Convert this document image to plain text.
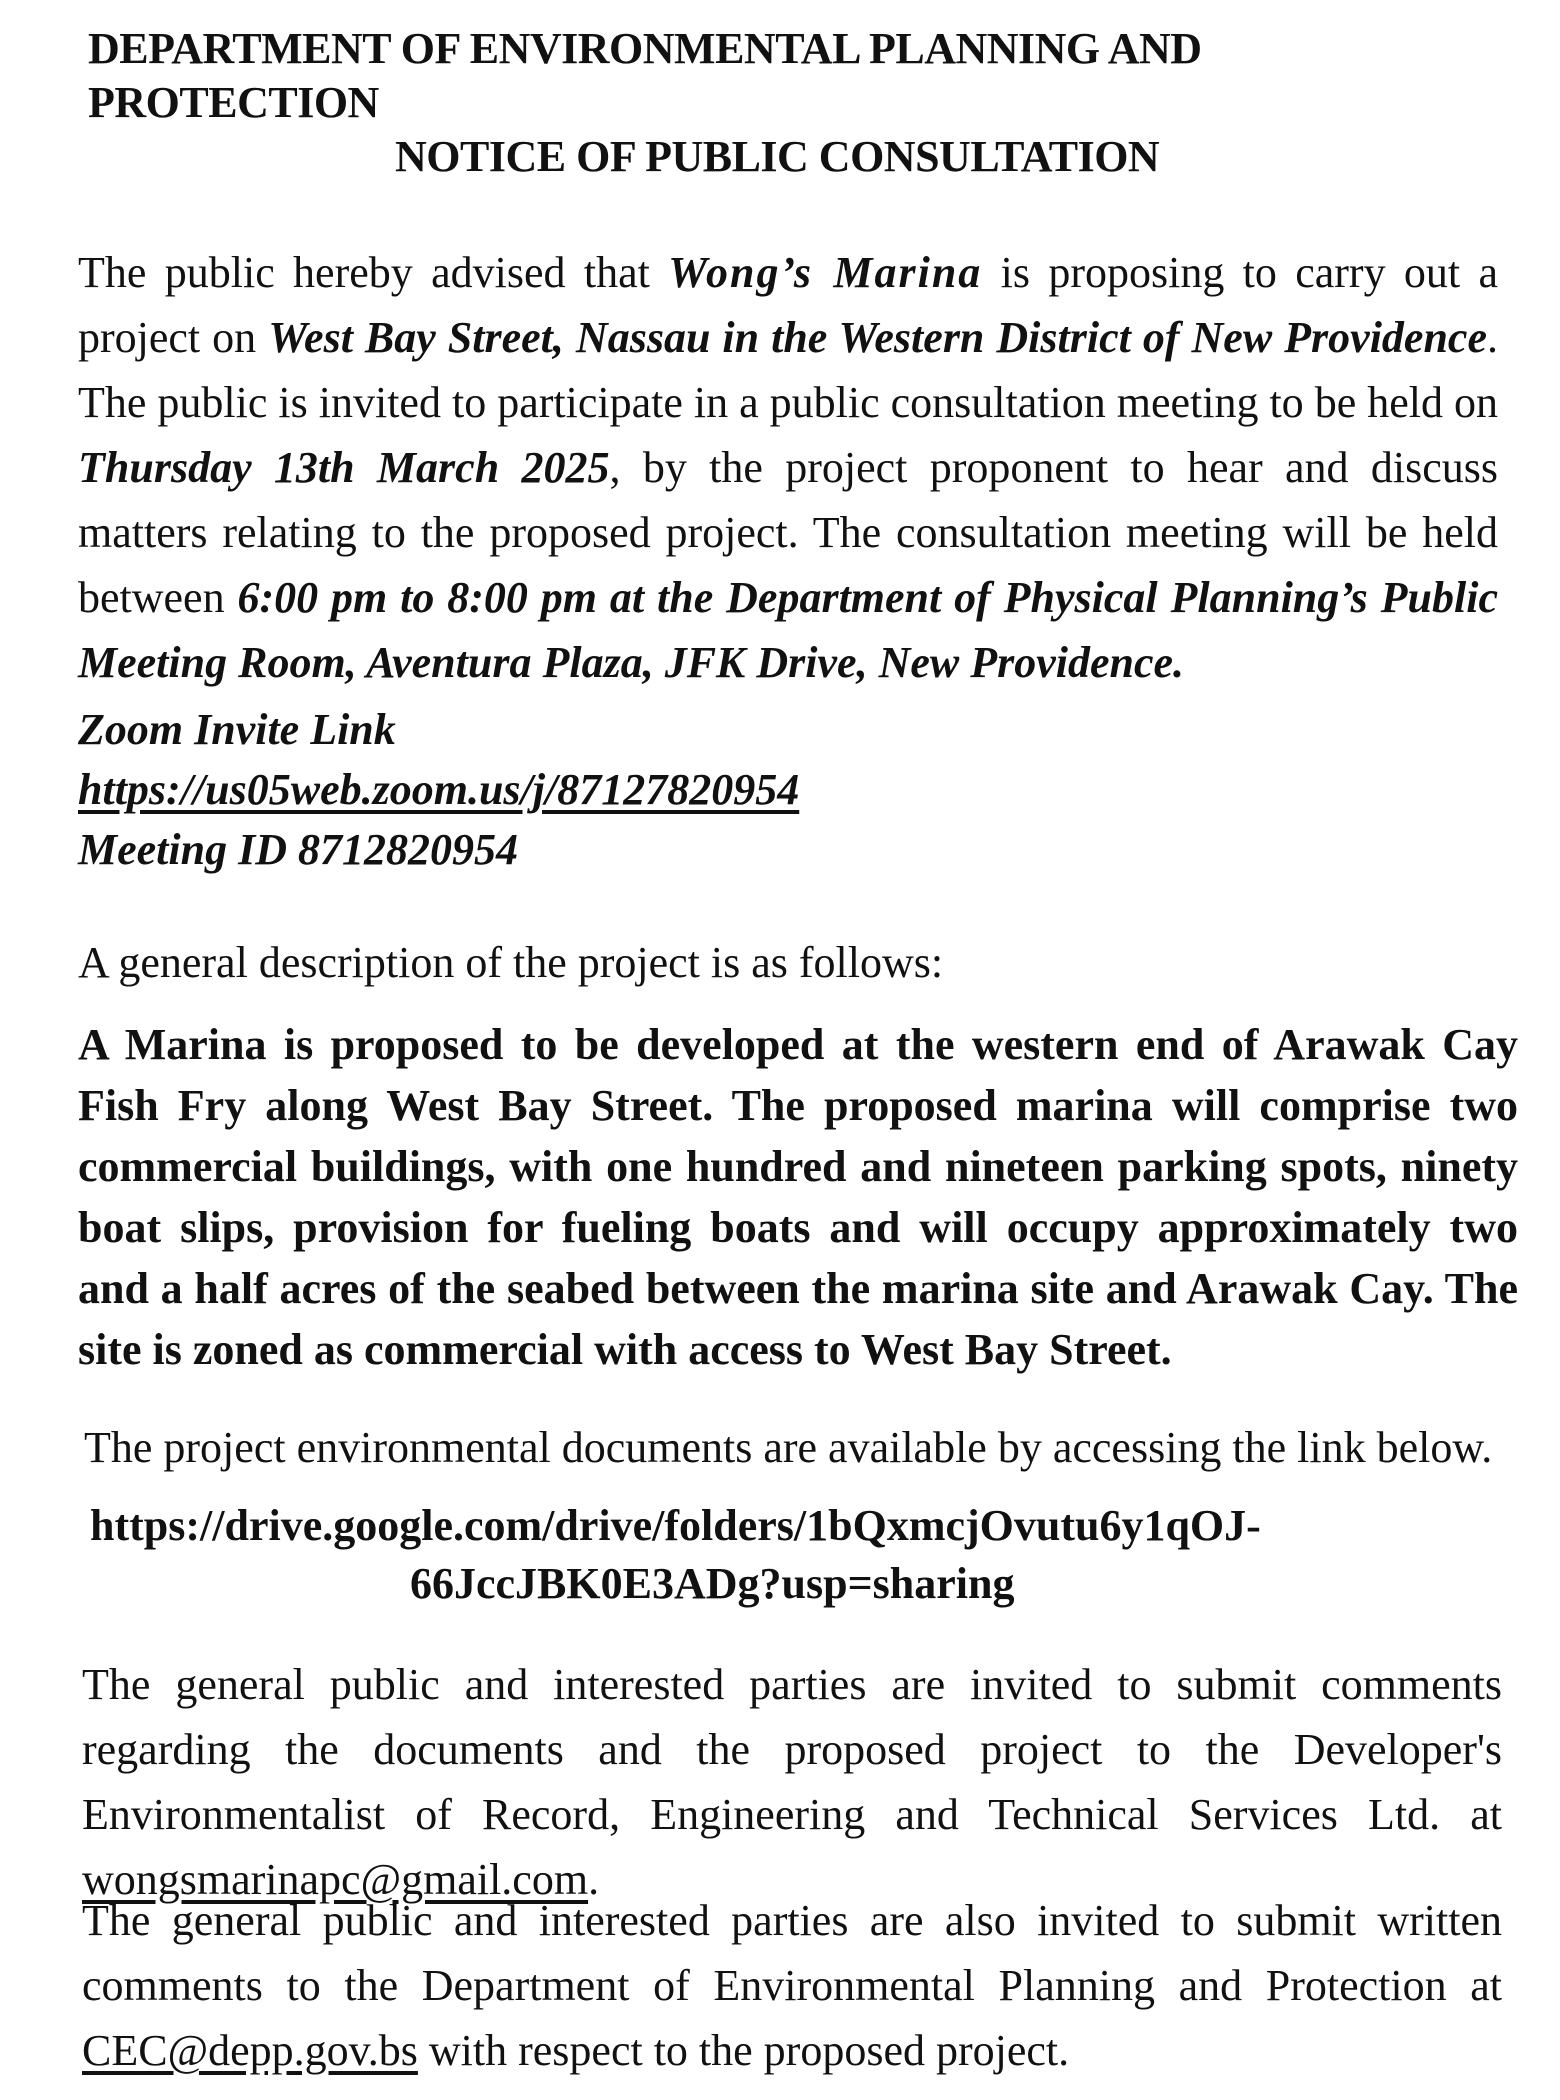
DEPARTMENT OF ENVIRONMENTAL PLANNING AND PROTECTION
NOTICE OF PUBLIC CONSULTATION
The public hereby advised that Wong’s Marina is proposing to carry out a project on West Bay Street, Nassau in the Western District of New Providence. The public is invited to participate in a public consultation meeting to be held on Thursday 13th March 2025, by the project proponent to hear and discuss matters relating to the proposed project. The consultation meeting will be held between 6:00 pm to 8:00 pm at the Department of Physical Planning’s Public Meeting Room, Aventura Plaza, JFK Drive, New Providence.
Zoom Invite Link
https://us05web.zoom.us/j/87127820954
Meeting ID 8712820954
A general description of the project is as follows:
A Marina is proposed to be developed at the western end of Arawak Cay Fish Fry along West Bay Street. The proposed marina will comprise two commercial buildings, with one hundred and nineteen parking spots, ninety boat slips, provision for fueling boats and will occupy approximately two and a half acres of the seabed between the marina site and Arawak Cay. The site is zoned as commercial with access to West Bay Street.
The project environmental documents are available by accessing the link below.
https://drive.google.com/drive/folders/1bQxmcjOvutu6y1qOJ-
66JccJBK0E3ADg?usp=sharing
The general public and interested parties are invited to submit comments regarding the documents and the proposed project to the Developer's Environmentalist of Record, Engineering and Technical Services Ltd. at wongsmarinapc@gmail.com.
The general public and interested parties are also invited to submit written comments to the Department of Environmental Planning and Protection at CEC@depp.gov.bs with respect to the proposed project.
